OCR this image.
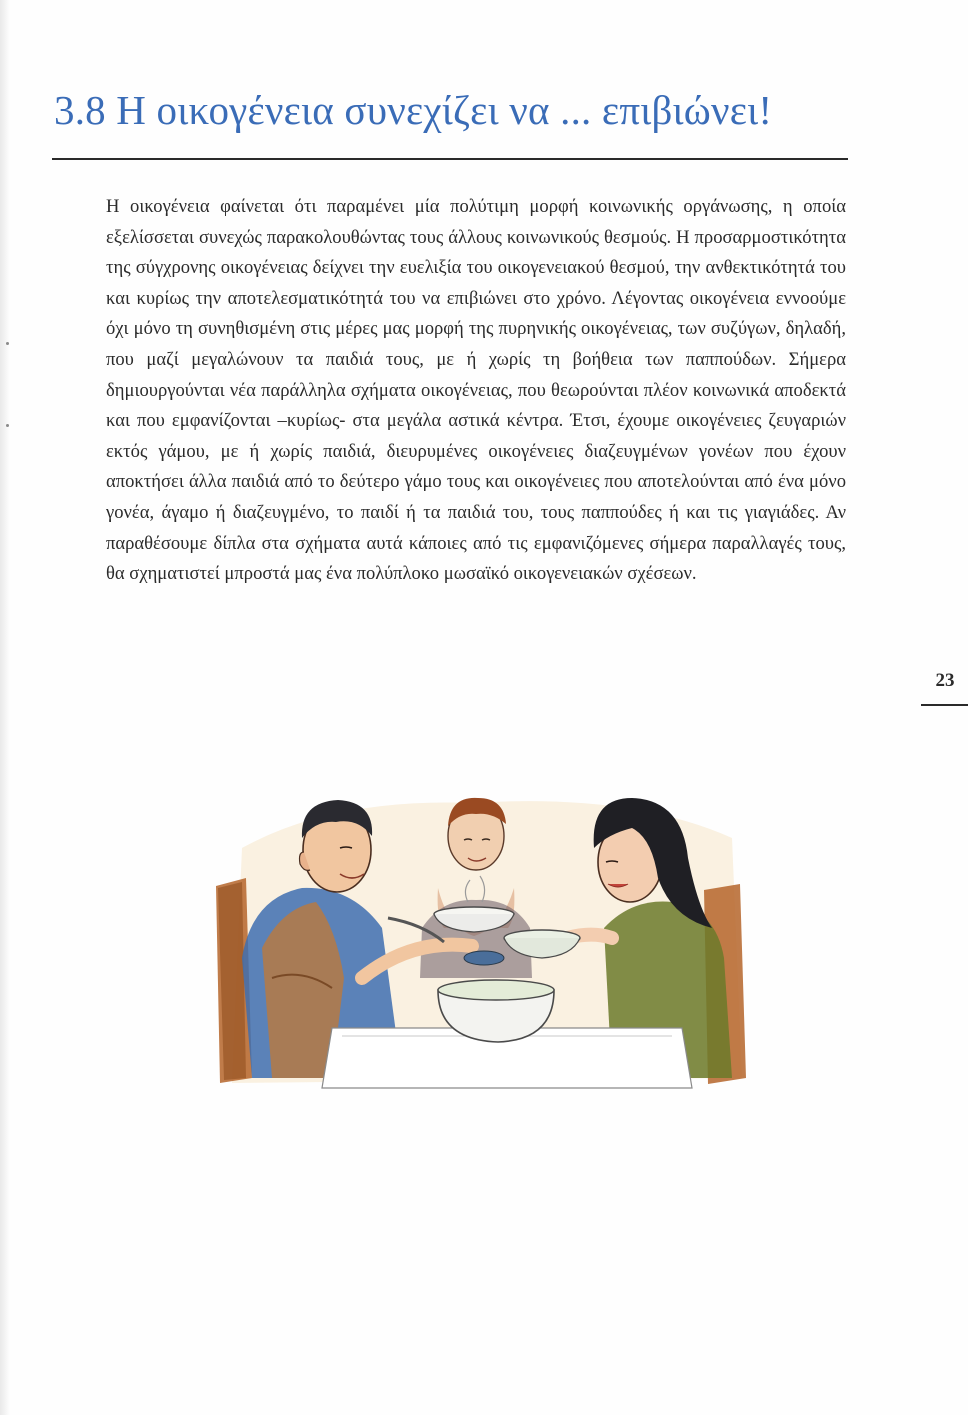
3.8 Η οικογένεια συνεχίζει να ... επιβιώνει!

Η οικογένεια φαίνεται ότι παραμένει μία πολύτιμη μορφή κοινωνικής οργάνωσης, η οποία εξελίσσεται συνεχώς παρακολουθώντας τους άλλους κοινωνικούς θεσμούς. Η προσαρμοστικότητα της σύγχρονης οικογένειας δείχνει την ευελιξία του οικογενειακού θεσμού, την ανθεκτικότητά του και κυρίως την αποτελεσματικότητά του να επιβιώνει στο χρόνο. Λέγοντας οικογένεια εννοούμε όχι μόνο τη συνηθισμένη στις μέρες μας μορφή της πυρηνικής οικογένειας, των συζύγων, δηλαδή, που μαζί μεγαλώνουν τα παιδιά τους, με ή χωρίς τη βοήθεια των παππούδων. Σήμερα δημιουργούνται νέα παράλληλα σχήματα οικογένειας, που θεωρούνται πλέον κοινωνικά αποδεκτά και που εμφανίζονται –κυρίως- στα μεγάλα αστικά κέντρα. Έτσι, έχουμε οικογένειες ζευγαριών εκτός γάμου, με ή χωρίς παιδιά, διευρυμένες οικογένειες διαζευγμένων γονέων που έχουν αποκτήσει άλλα παιδιά από το δεύτερο γάμο τους και οικογένειες που αποτελούνται από ένα μόνο γονέα, άγαμο ή διαζευγμένο, το παιδί ή τα παιδιά του, τους παππούδες ή και τις γιαγιάδες. Αν παραθέσουμε δίπλα στα σχήματα αυτά κάποιες από τις εμφανιζόμενες σήμερα παραλλαγές τους, θα σχηματιστεί μπροστά μας ένα πολύπλοκο μωσαϊκό οικογενειακών σχέσεων.

23
